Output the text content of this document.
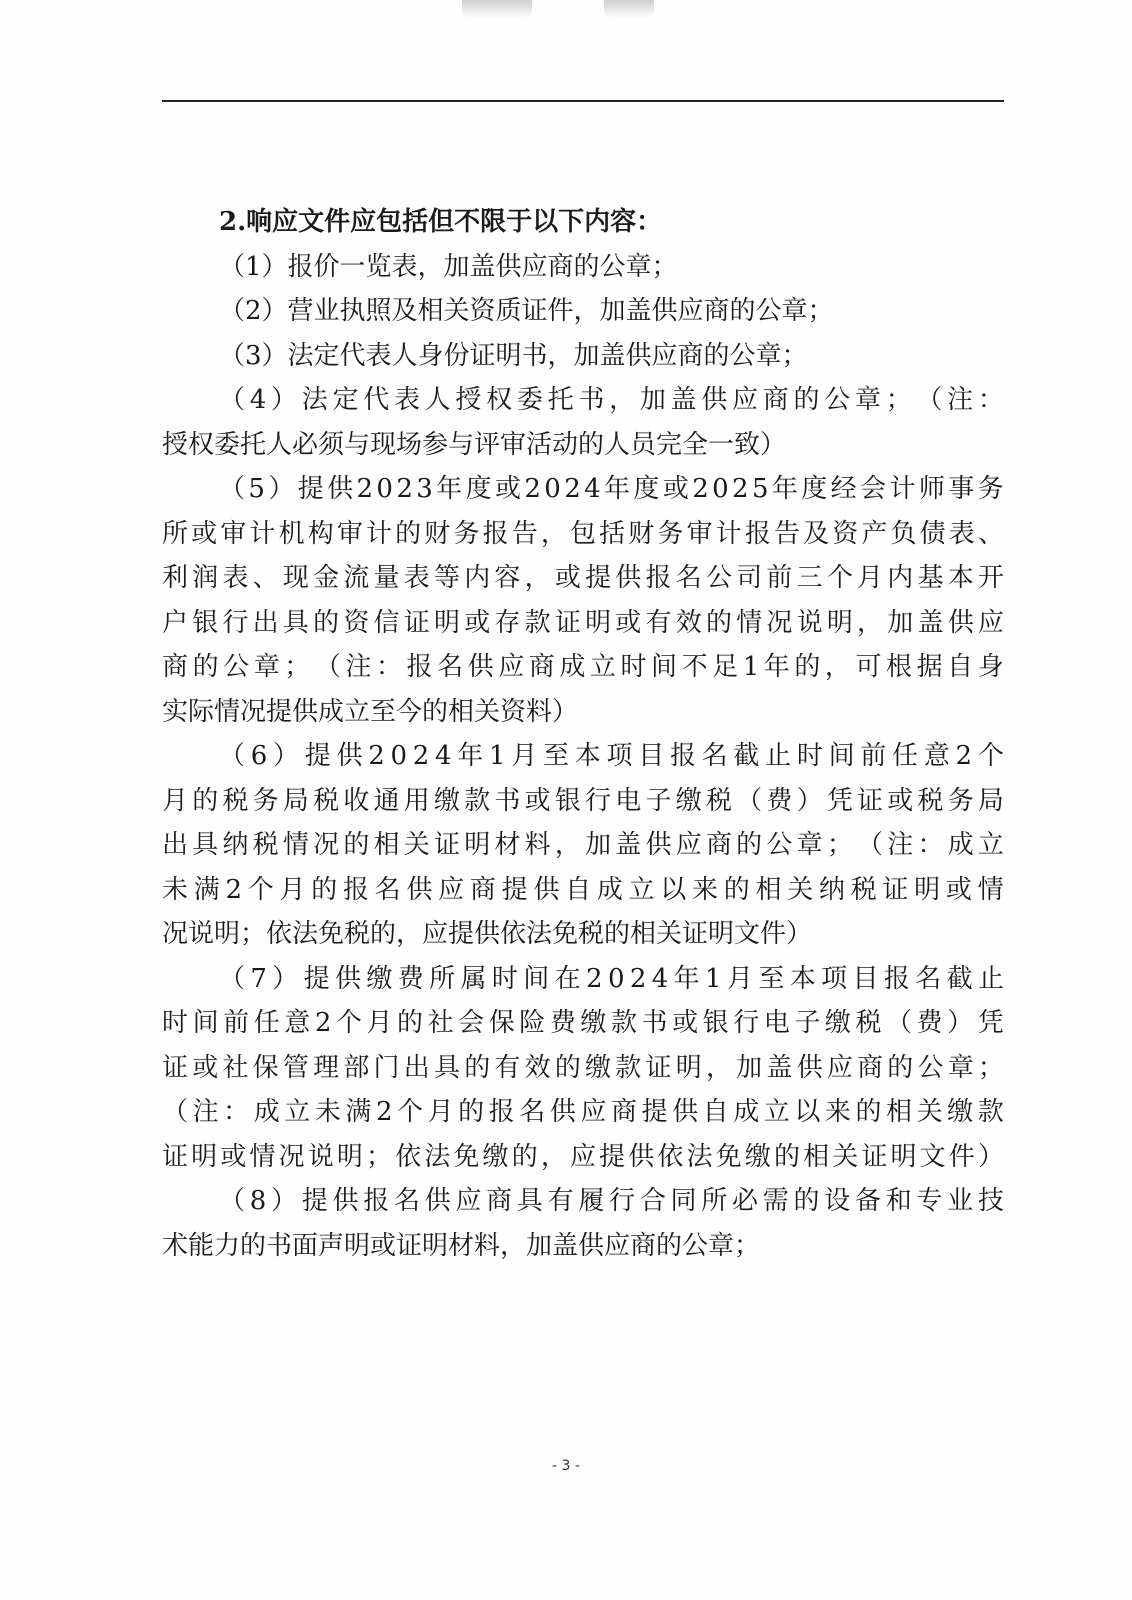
2.响应文件应包括但不限于以下内容：
（1）报价一览表，加盖供应商的公章；
（2）营业执照及相关资质证件，加盖供应商的公章；
（3）法定代表人身份证明书，加盖供应商的公章；
（ 4 ） 法 定 代 表 人 授 权 委 托 书 ， 加 盖 供 应 商 的 公 章 ； （ 注 ：
授权委托人必须与现场参与评审活动的人员完全一致）
（ 5 ） 提 供 2 0 2 3 年 度 或 2 0 2 4 年 度 或 2 0 2 5 年 度 经 会 计 师 事 务
所 或 审 计 机 构 审 计 的 财 务 报 告 ， 包 括 财 务 审 计 报 告 及 资 产 负 债 表 、
利 润 表 、 现 金 流 量 表 等 内 容 ， 或 提 供 报 名 公 司 前 三 个 月 内 基 本 开
户 银 行 出 具 的 资 信 证 明 或 存 款 证 明 或 有 效 的 情 况 说 明 ， 加 盖 供 应
商 的 公 章 ； （ 注 ： 报 名 供 应 商 成 立 时 间 不 足 1 年 的 ， 可 根 据 自 身
实际情况提供成立至今的相关资料）
（ 6 ） 提 供 2 0 2 4 年 1 月 至 本 项 目 报 名 截 止 时 间 前 任 意 2 个
月 的 税 务 局 税 收 通 用 缴 款 书 或 银 行 电 子 缴 税 （ 费 ） 凭 证 或 税 务 局
出 具 纳 税 情 况 的 相 关 证 明 材 料 ， 加 盖 供 应 商 的 公 章 ； （ 注 ： 成 立
未 满 2 个 月 的 报 名 供 应 商 提 供 自 成 立 以 来 的 相 关 纳 税 证 明 或 情
况说明；依法免税的，应提供依法免税的相关证明文件）
（ 7 ） 提 供 缴 费 所 属 时 间 在 2 0 2 4 年 1 月 至 本 项 目 报 名 截 止
时 间 前 任 意 2 个 月 的 社 会 保 险 费 缴 款 书 或 银 行 电 子 缴 税 （ 费 ） 凭
证 或 社 保 管 理 部 门 出 具 的 有 效 的 缴 款 证 明 ， 加 盖 供 应 商 的 公 章 ；
（ 注 ： 成 立 未 满 2 个 月 的 报 名 供 应 商 提 供 自 成 立 以 来 的 相 关 缴 款
证 明 或 情 况 说 明 ； 依 法 免 缴 的 ， 应 提 供 依 法 免 缴 的 相 关 证 明 文 件 ）
（ 8 ） 提 供 报 名 供 应 商 具 有 履 行 合 同 所 必 需 的 设 备 和 专 业 技
术能力的书面声明或证明材料，加盖供应商的公章；
- 3 -
